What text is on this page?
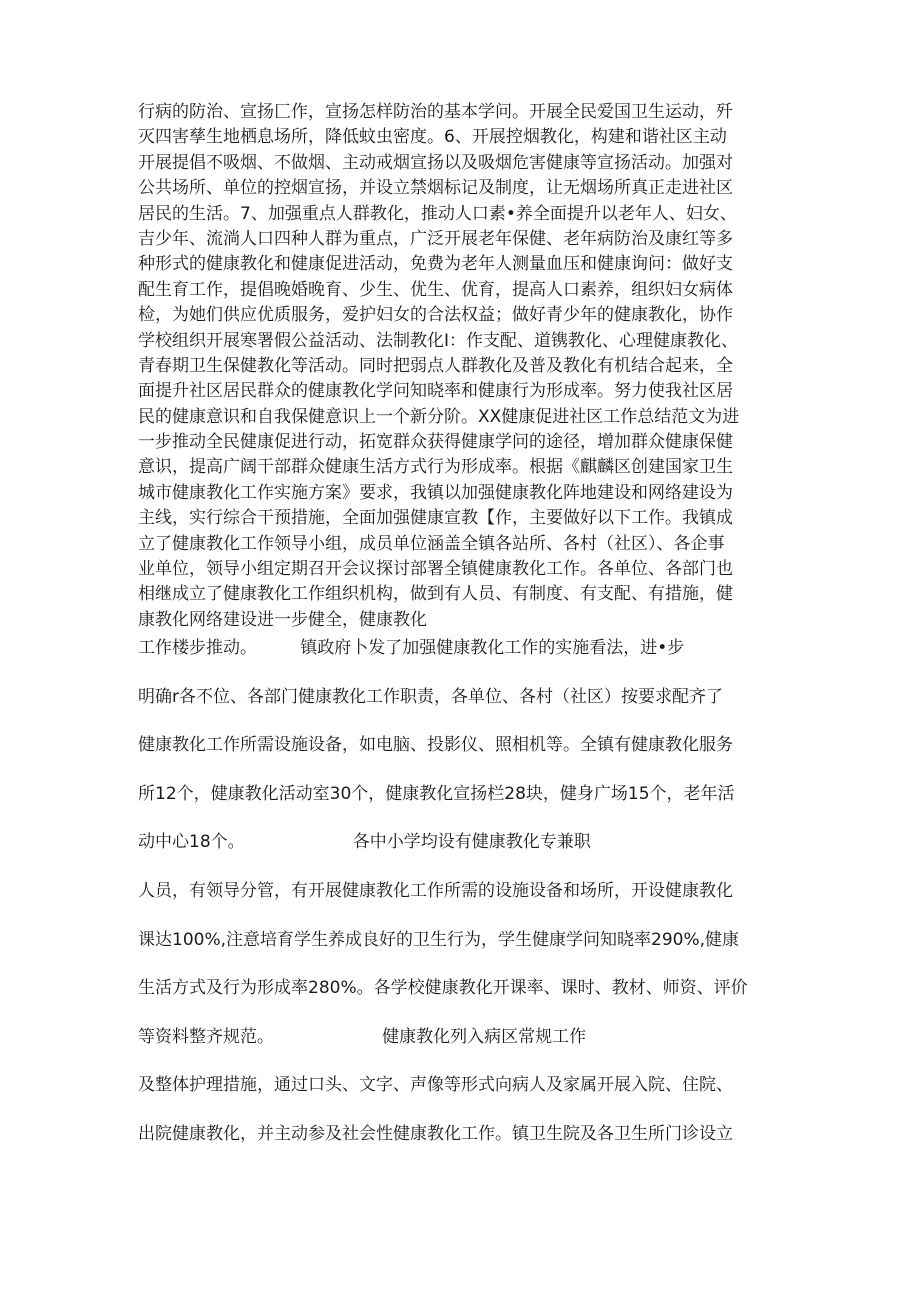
行病的防治、宣扬匚作，宣扬怎样防治的基本学问。开展全民爱国卫生运动，歼
灭四害孳生地栖息场所，降低蚊虫密度。6、开展控烟教化，构建和谐社区主动
开展提倡不吸烟、不做烟、主动戒烟宣扬以及吸烟危害健康等宣扬活动。加强对
公共场所、单位的控烟宣扬，并设立禁烟标记及制度，让无烟场所真正走进社区
居民的生活。7、加强重点人群教化，推动人口素•养全面提升以老年人、妇女、
吉少年、流淌人口四种人群为重点，广泛开展老年保健、老年病防治及康红等多
种形式的健康教化和健康促进活动，免费为老年人测量血压和健康询问：做好支
配生育工作，提倡晚婚晚育、少生、优生、优育，提高人口素养，组织妇女病体
检，为她们供应优质服务，爱护妇女的合法权益；做好青少年的健康教化，协作
学校组织开展寒署假公益活动、法制教化I：作支配、道镌教化、心理健康教化、
青春期卫生保健教化等活动。同时把弱点人群教化及普及教化有机结合起来，全
面提升社区居民群众的健康教化学问知晓率和健康行为形成率。努力使我社区居
民的健康意识和自我保健意识上一个新分阶。XX健康促进社区工作总结范文为进
一步推动全民健康促进行动，拓宽群众获得健康学问的途径，增加群众健康保健
意识，提高广阔干部群众健康生活方式行为形成率。根据《麒麟区创建国家卫生
城市健康教化工作实施方案》要求，我镇以加强健康教化阵地建设和网络建设为
主线，实行综合干预措施，全面加强健康宣教【作，主要做好以下工作。我镇成
立了健康教化工作领导小组，成员单位涵盖全镇各站所、各村（社区）、各企事
业单位，领导小组定期召开会议探讨部署全镇健康教化工作。各单位、各部门也
相继成立了健康教化工作组织机构，做到有人员、有制度、有支配、有措施，健
康教化网络建设进一步健全，健康教化
工作楼步推动。        镇政府卜发了加强健康教化工作的实施看法，进•步
明确r各不位、各部门健康教化工作职责，各单位、各村（社区）按要求配齐了
健康教化工作所需设施设备，如电脑、投影仪、照相机等。全镇有健康教化服务
所12个，健康教化活动室30个，健康教化宣扬栏28块，健身广场15个，老年活
动中心18个。                    各中小学均设有健康教化专兼职
人员，有领导分管，有开展健康教化工作所需的设施设备和场所，开设健康教化
课达100%,注意培育学生养成良好的卫生行为，学生健康学问知晓率290%,健康
生活方式及行为形成率280%。各学校健康教化开课率、课时、教材、师资、评价
等资料整齐规范。                    健康教化列入病区常规工作
及整体护理措施，通过口头、文字、声像等形式向病人及家属开展入院、住院、
出院健康教化，并主动参及社会性健康教化工作。镇卫生院及各卫生所门诊设立
